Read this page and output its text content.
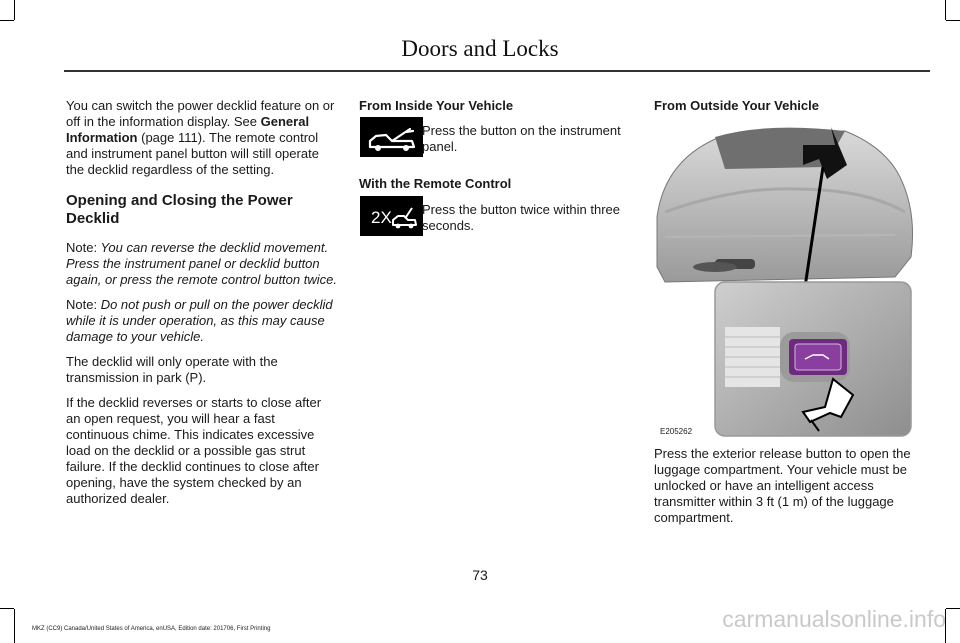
Doors and Locks

You can switch the power decklid feature on or off in the information display. See General Information (page 111). The remote control and instrument panel button will still operate the decklid regardless of the setting.

Opening and Closing the Power Decklid

Note: You can reverse the decklid movement. Press the instrument panel or decklid button again, or press the remote control button twice.

Note: Do not push or pull on the power decklid while it is under operation, as this may cause damage to your vehicle.

The decklid will only operate with the transmission in park (P).

If the decklid reverses or starts to close after an open request, you will hear a fast continuous chime. This indicates excessive load on the decklid or a possible gas strut failure. If the decklid continues to close after opening, have the system checked by an authorized dealer.

From Inside Your Vehicle
Press the button on the instrument panel.
With the Remote Control
2X Press the button twice within three seconds.
From Outside Your Vehicle
E205262
Press the exterior release button to open the luggage compartment. Your vehicle must be unlocked or have an intelligent access transmitter within 3 ft (1 m) of the luggage compartment.
73
MKZ (CC9) Canada/United States of America, enUSA, Edition date: 201706, First Printing	carmanualsonline.info
